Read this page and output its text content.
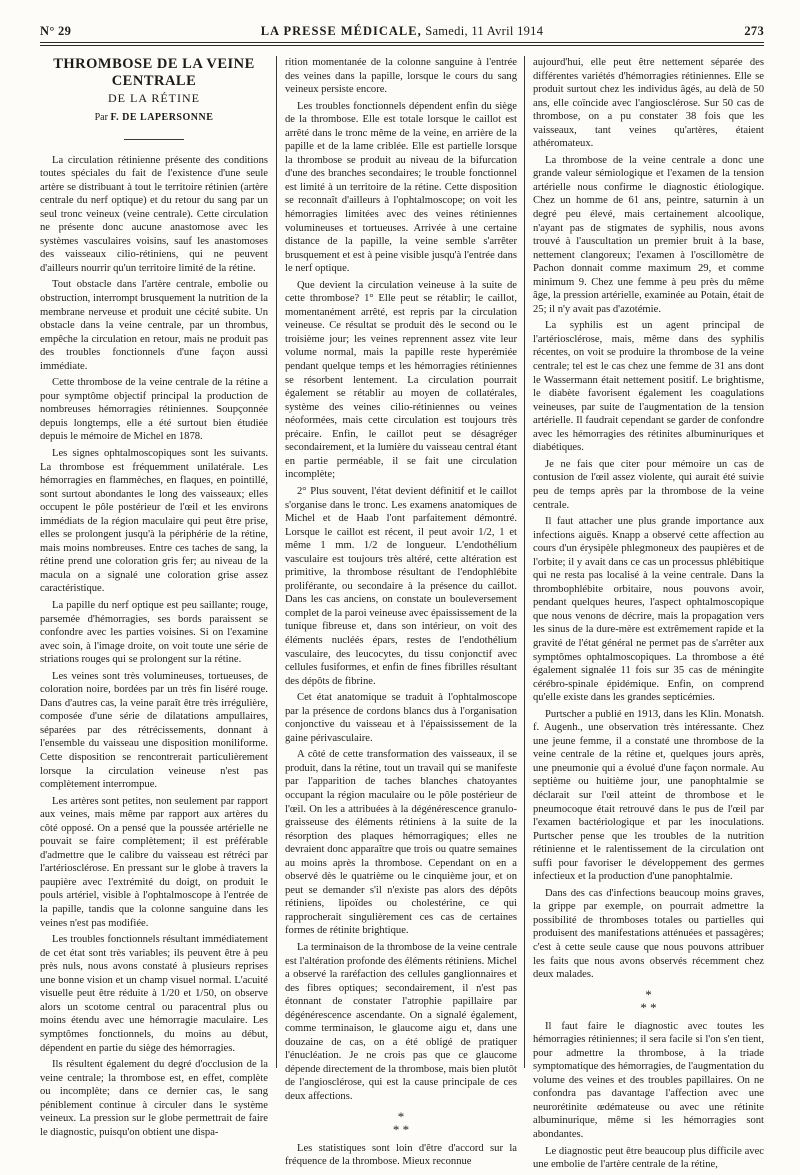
N° 29	LA PRESSE MÉDICALE, Samedi, 11 Avril 1914	273
THROMBOSE DE LA VEINE CENTRALE
DE LA RÉTINE
Par F. DE LAPERSONNE

La circulation rétinienne présente des conditions toutes spéciales du fait de l'existence d'une seule artère se distribuant à tout le territoire rétinien (artère centrale du nerf optique) et du retour du sang par un seul tronc veineux (veine centrale). Cette circulation ne présente donc aucune anastomose avec les systèmes vasculaires voisins, sauf les anastomoses des vaisseaux cilio-rétiniens, qui ne peuvent d'ailleurs nourrir qu'un territoire limité de la rétine.

Tout obstacle dans l'artère centrale, embolie ou obstruction, interrompt brusquement la nutrition de la membrane nerveuse et produit une cécité subite. Un obstacle dans la veine centrale, par un thrombus, empêche la circulation en retour, mais ne produit pas des troubles fonctionnels d'une façon aussi immédiate.

Cette thrombose de la veine centrale de la rétine a pour symptôme objectif principal la production de nombreuses hémorragies rétiniennes. Soupçonnée depuis longtemps, elle a été surtout bien étudiée depuis le mémoire de Michel en 1878.

Les signes ophtalmoscopiques sont les suivants. La thrombose est fréquemment unilatérale. Les hémorragies en flammèches, en flaques, en pointillé, sont surtout abondantes le long des vaisseaux; elles occupent le pôle postérieur de l'œil et les environs immédiats de la région maculaire qui peut être prise, elles se prolongent jusqu'à la périphérie de la rétine, mais moins nombreuses. Entre ces taches de sang, la rétine prend une coloration gris fer; au niveau de la macula on a signalé une coloration grise assez caractéristique.

La papille du nerf optique est peu saillante; rouge, parsemée d'hémorragies, ses bords paraissent se confondre avec les parties voisines. Si on l'examine avec soin, à l'image droite, on voit toute une série de striations rouges qui se prolongent sur la rétine.

Les veines sont très volumineuses, tortueuses, de coloration noire, bordées par un très fin liséré rouge. Dans d'autres cas, la veine paraît être très irrégulière, composée d'une série de dilatations ampullaires, séparées par des rétrécissements, donnant à l'ensemble du vaisseau une disposition moniliforme. Cette disposition se rencontrerait particulièrement lorsque la circulation veineuse n'est pas complètement interrompue.

Les artères sont petites, non seulement par rapport aux veines, mais même par rapport aux artères du côté opposé. On a pensé que la poussée artérielle ne pouvait se faire complètement; il est préférable d'admettre que le calibre du vaisseau est rétréci par l'artériosclérose. En pressant sur le globe à travers la paupière avec l'extrémité du doigt, on produit le pouls artériel, visible à l'ophtalmoscope à l'entrée de la papille, tandis que la colonne sanguine dans les veines n'est pas modifiée.

Les troubles fonctionnels résultant immédiatement de cet état sont très variables; ils peuvent être à peu près nuls, nous avons constaté à plusieurs reprises une bonne vision et un champ visuel normal. L'acuité visuelle peut être réduite à 1/20 et 1/50, on observe alors un scotome central ou paracentral plus ou moins étendu avec une hémorragie maculaire. Les symptômes fonctionnels, du moins au début, dépendent en partie du siège des hémorragies.

Ils résultent également du degré d'occlusion de la veine centrale; la thrombose est, en effet, complète ou incomplète; dans ce dernier cas, le sang péniblement continue à circuler dans le système veineux. La pression sur le globe permettrait de faire le diagnostic, puisqu'on obtient une dispa-

rition momentanée de la colonne sanguine à l'entrée des veines dans la papille, lorsque le cours du sang veineux persiste encore.

Les troubles fonctionnels dépendent enfin du siège de la thrombose. Elle est totale lorsque le caillot est arrêté dans le tronc même de la veine, en arrière de la papille et de la lame criblée. Elle est partielle lorsque la thrombose se produit au niveau de la bifurcation d'une des branches secondaires; le trouble fonctionnel est limité à un territoire de la rétine. Cette disposition se reconnaît d'ailleurs à l'ophtalmoscope; on voit les hémorragies limitées avec des veines rétiniennes volumineuses et tortueuses. Arrivée à une certaine distance de la papille, la veine semble s'arrêter brusquement et est à peine visible jusqu'à l'entrée dans le nerf optique.

Que devient la circulation veineuse à la suite de cette thrombose? 1° Elle peut se rétablir; le caillot, momentanément arrêté, est repris par la circulation veineuse. Ce résultat se produit dès le second ou le troisième jour; les veines reprennent assez vite leur volume normal, mais la papille reste hyperémiée pendant quelque temps et les hémorragies rétiniennes se résorbent lentement. La circulation pourrait également se rétablir au moyen de collatérales, système des veines cilio-rétiniennes ou veines néoformées, mais cette circulation est toujours très précaire. Enfin, le caillot peut se désagréger secondairement, et la lumière du vaisseau central étant en partie perméable, il se fait une circulation incomplète;

2° Plus souvent, l'état devient définitif et le caillot s'organise dans le tronc. Les examens anatomiques de Michel et de Haab l'ont parfaitement démontré. Lorsque le caillot est récent, il peut avoir 1/2, 1 et même 1 mm. 1/2 de longueur. L'endothélium vasculaire est toujours très altéré, cette altération est primitive, la thrombose résultant de l'endophlébite proliférante, ou secondaire à la présence du caillot. Dans les cas anciens, on constate un bouleversement complet de la paroi veineuse avec épaississement de la tunique fibreuse et, dans son intérieur, on voit des éléments nucléés épars, restes de l'endothélium vasculaire, des leucocytes, du tissu conjonctif avec cellules fusiformes, et enfin de fines fibrilles résultant des dépôts de fibrine.

Cet état anatomique se traduit à l'ophtalmoscope par la présence de cordons blancs dus à l'organisation conjonctive du vaisseau et à l'épaississement de la gaine périvasculaire.

A côté de cette transformation des vaisseaux, il se produit, dans la rétine, tout un travail qui se manifeste par l'apparition de taches blanches chatoyantes occupant la région maculaire ou le pôle postérieur de l'œil. On les a attribuées à la dégénérescence granulo-graisseuse des éléments rétiniens à la suite de la résorption des plaques hémorragiques; elles ne devraient donc apparaître que trois ou quatre semaines au moins après la thrombose. Cependant on en a observé dès le quatrième ou le cinquième jour, et on peut se demander s'il n'existe pas alors des dépôts rétiniens, lipoïdes ou cholestérine, ce qui rapprocherait singulièrement ces cas de certaines formes de rétinite brightique.

La terminaison de la thrombose de la veine centrale est l'altération profonde des éléments rétiniens. Michel a observé la raréfaction des cellules ganglionnaires et des fibres optiques; secondairement, il n'est pas étonnant de constater l'atrophie papillaire par dégénérescence ascendante. On a signalé également, comme terminaison, le glaucome aigu et, dans une douzaine de cas, on a été obligé de pratiquer l'énucléation. Je ne crois pas que ce glaucome dépende directement de la thrombose, mais bien plutôt de l'angiosclérose, qui est la cause principale de ces deux affections.

*
* *

Les statistiques sont loin d'être d'accord sur la fréquence de la thrombose. Mieux reconnue

aujourd'hui, elle peut être nettement séparée des différentes variétés d'hémorragies rétiniennes. Elle se produit surtout chez les individus âgés, au delà de 50 ans, elle coïncide avec l'angiosclérose. Sur 50 cas de thrombose, on a pu constater 38 fois que les vaisseaux, tant veines qu'artères, étaient athéromateux.

La thrombose de la veine centrale a donc une grande valeur sémiologique et l'examen de la tension artérielle nous confirme le diagnostic étiologique. Chez un homme de 61 ans, peintre, saturnin à un degré peu élevé, mais certainement alcoolique, n'ayant pas de stigmates de syphilis, nous avons trouvé à l'auscultation un premier bruit à la base, nettement clangoreux; l'examen à l'oscillomètre de Pachon donnait comme maximum 29, et comme minimum 9. Chez une femme à peu près du même âge, la pression artérielle, examinée au Potain, était de 25; il n'y avait pas d'azotémie.

La syphilis est un agent principal de l'artériosclérose, mais, même dans des syphilis récentes, on voit se produire la thrombose de la veine centrale; tel est le cas chez une femme de 31 ans dont le Wassermann était nettement positif. Le brightisme, le diabète favorisent également les coagulations veineuses, par suite de l'augmentation de la tension artérielle. Il faudrait cependant se garder de confondre avec les hémorragies des rétinites albuminuriques et diabétiques.

Je ne fais que citer pour mémoire un cas de contusion de l'œil assez violente, qui aurait été suivie peu de temps après par la thrombose de la veine centrale.

Il faut attacher une plus grande importance aux infections aiguës. Knapp a observé cette affection au cours d'un érysipèle phlegmoneux des paupières et de l'orbite; il y avait dans ce cas un processus phlébitique qui ne resta pas localisé à la veine centrale. Dans la thrombophlébite orbitaire, nous pouvons avoir, pendant quelques heures, l'aspect ophtalmoscopique que nous venons de décrire, mais la propagation vers les sinus de la dure-mère est extrêmement rapide et la gravité de l'état général ne permet pas de s'arrêter aux symptômes ophtalmoscopiques. La thrombose a été également signalée 11 fois sur 35 cas de méningite cérébro-spinale épidémique. Enfin, on comprend qu'elle existe dans les grandes septicémies.

Purtscher a publié en 1913, dans les Klin. Monatsh. f. Augenh., une observation très intéressante. Chez une jeune femme, il a constaté une thrombose de la veine centrale de la rétine et, quelques jours après, une pneumonie qui a évolué d'une façon normale. Au septième ou huitième jour, une panophtalmie se déclarait sur l'œil atteint de thrombose et le pneumocoque était retrouvé dans le pus de l'œil par l'examen bactériologique et par les inoculations. Purtscher pense que les troubles de la nutrition rétinienne et le ralentissement de la circulation ont suffi pour favoriser le développement des germes infectieux et la production d'une panophtalmie.

Dans des cas d'infections beaucoup moins graves, la grippe par exemple, on pourrait admettre la possibilité de thromboses totales ou partielles qui produisent des manifestations atténuées et passagères; c'est à cette seule cause que nous pouvons attribuer les faits que nous avons observés récemment chez deux malades.

*
* *

Il faut faire le diagnostic avec toutes les hémorragies rétiniennes; il sera facile si l'on s'en tient, pour admettre la thrombose, à la triade symptomatique des hémorragies, de l'augmentation du volume des veines et des troubles papillaires. On ne confondra pas davantage l'affection avec une neurorétinite œdémateuse ou avec une rétinite albuminurique, même si les hémorragies sont abondantes.

Le diagnostic peut être beaucoup plus difficile avec une embolie de l'artère centrale de la rétine,
